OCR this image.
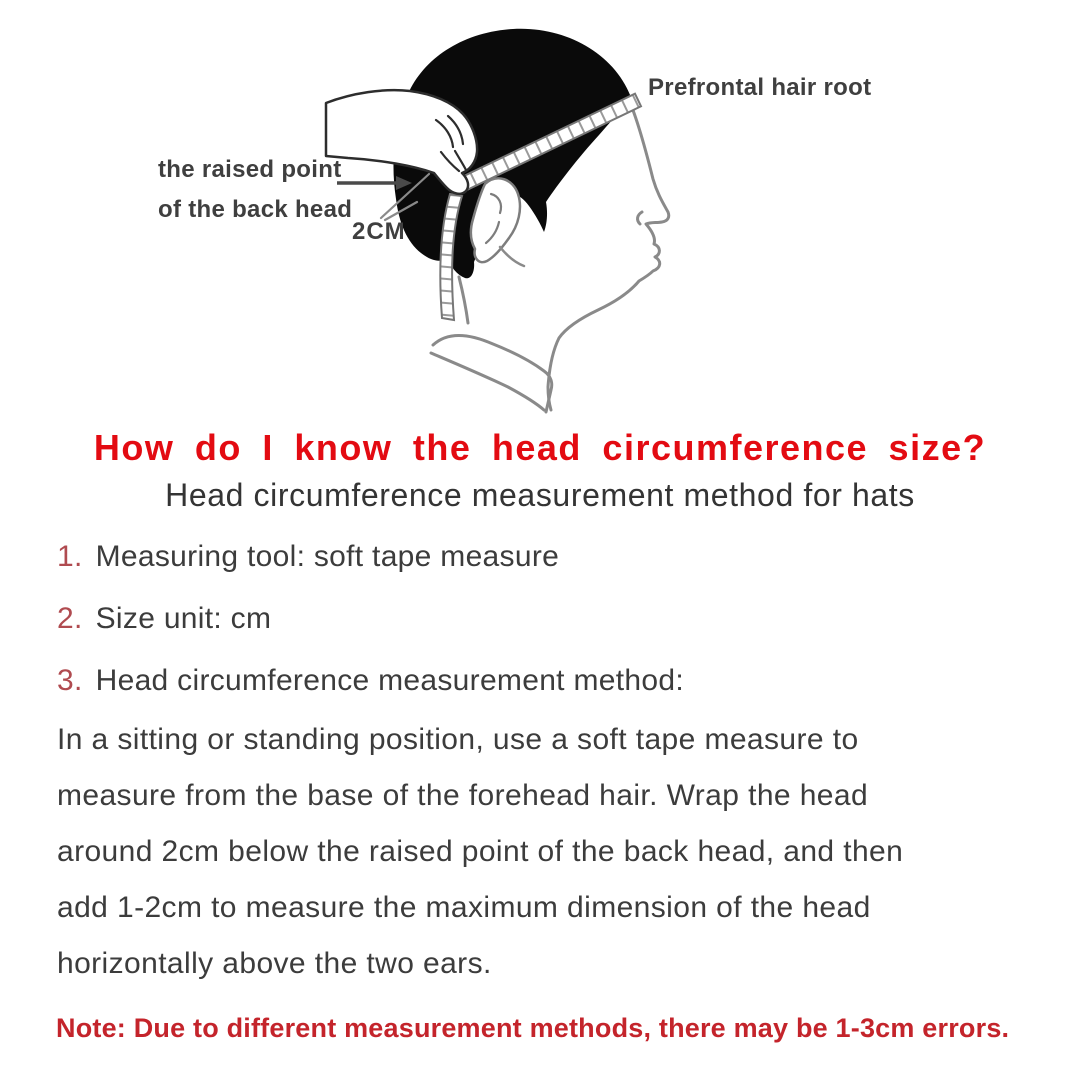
Prefrontal hair root
the raised point
of the back head
2CM
How do I know the head circumference size?
Head circumference measurement method for hats
1. Measuring tool: soft tape measure
2. Size unit: cm
3. Head circumference measurement method:
In a sitting or standing position, use a soft tape measure to
measure from the base of the forehead hair. Wrap the head
around 2cm below the raised point of the back head, and then
add 1-2cm to measure the maximum dimension of the head
horizontally above the two ears.
Note: Due to different measurement methods, there may be 1-3cm errors.
